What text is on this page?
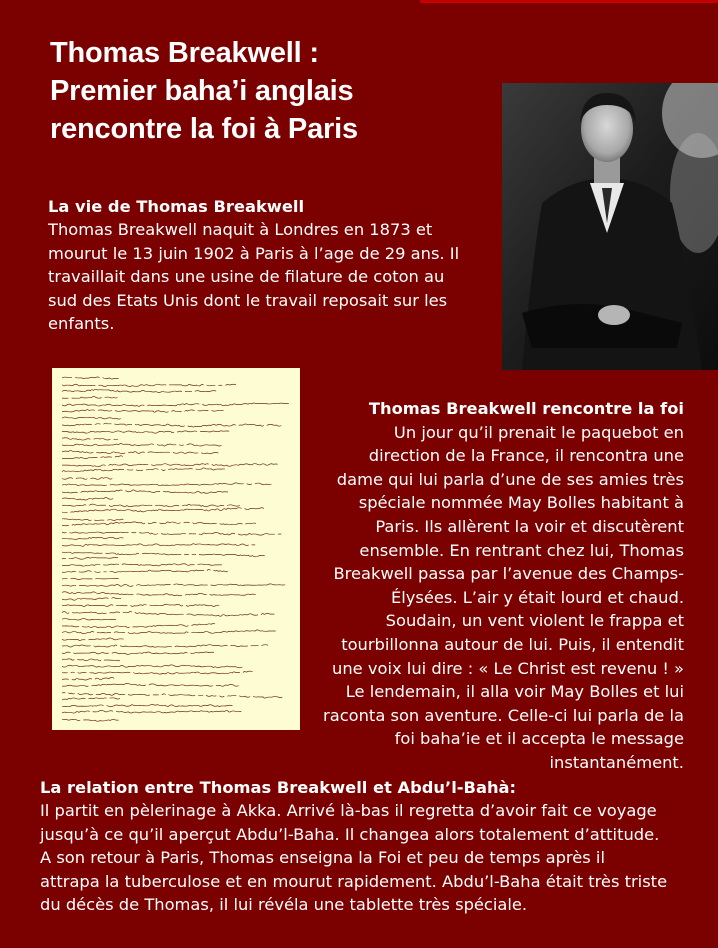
Thomas Breakwell :
Premier baha’i anglais
rencontre la foi à Paris
La vie de Thomas Breakwell
Thomas Breakwell naquit à Londres en 1873 et mourut le 13 juin 1902 à Paris à l’age de 29 ans. Il travaillait dans une usine de filature de coton au sud des Etats Unis dont le travail reposait sur les enfants.
Thomas Breakwell rencontre la foi
Un jour qu’il prenait le paquebot en
direction de la France, il rencontra une
dame qui lui parla d’une de ses amies très
spéciale nommée May Bolles habitant à
Paris. Ils allèrent la voir et discutèrent
ensemble. En rentrant chez lui, Thomas
Breakwell passa par l’avenue des Champs-
Élysées. L’air y était lourd et chaud.
Soudain, un vent violent le frappa et
tourbillonna autour de lui. Puis, il entendit
une voix lui dire : « Le Christ est revenu ! »
Le lendemain, il alla voir May Bolles et lui
raconta son aventure. Celle-ci lui parla de la
foi baha’ie et il accepta le message
instantanément.
La relation entre Thomas Breakwell et Abdu’l-Bahà:
Il partit en pèlerinage à Akka. Arrivé là-bas il regretta d’avoir fait ce voyage
jusqu’à ce qu’il aperçut Abdu’l-Baha. Il changea alors totalement d’attitude.
A son retour à Paris, Thomas enseigna la Foi et peu de temps après il
attrapa la tuberculose et en mourut rapidement. Abdu’l-Baha était très triste
du décès de Thomas, il lui révéla une tablette très spéciale.
